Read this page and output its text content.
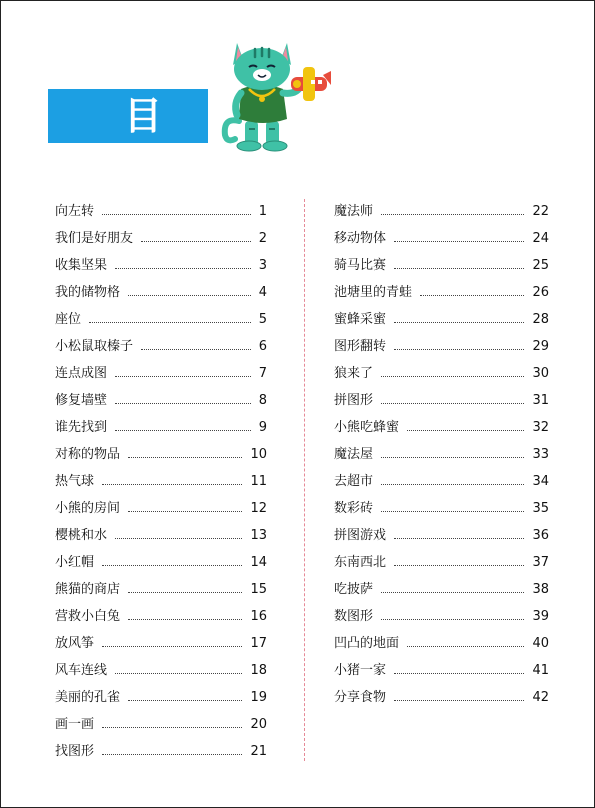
目录
向左转	1
我们是好朋友	2
收集坚果	3
我的储物格	4
座位	5
小松鼠取榛子	6
连点成图	7
修复墙壁	8
谁先找到	9
对称的物品	10
热气球	11
小熊的房间	12
樱桃和水	13
小红帽	14
熊猫的商店	15
营救小白兔	16
放风筝	17
风车连线	18
美丽的孔雀	19
画一画	20
找图形	21
魔法师	22
移动物体	24
骑马比赛	25
池塘里的青蛙	26
蜜蜂采蜜	28
图形翻转	29
狼来了	30
拼图形	31
小熊吃蜂蜜	32
魔法屋	33
去超市	34
数彩砖	35
拼图游戏	36
东南西北	37
吃披萨	38
数图形	39
凹凸的地面	40
小猪一家	41
分享食物	42
